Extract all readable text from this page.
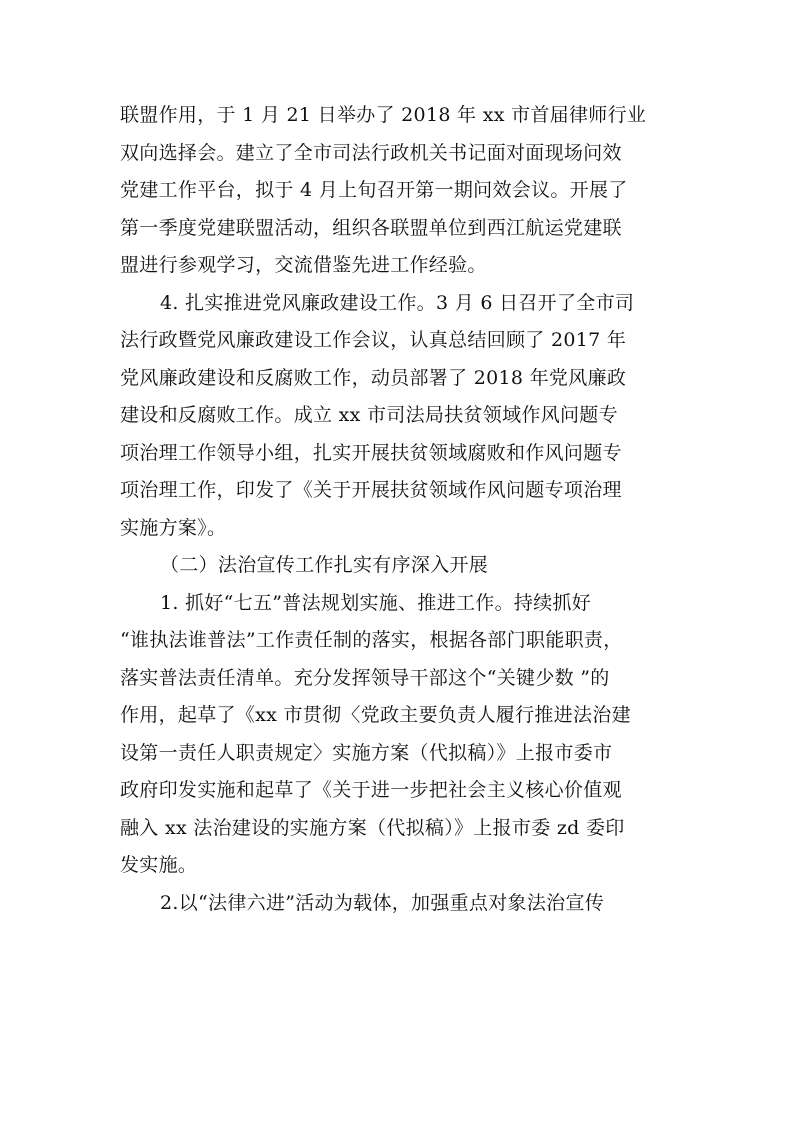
联盟作用，于 1 月 21 日举办了 2018 年 xx 市首届律师行业
双向选择会。建立了全市司法行政机关书记面对面现场问效
党建工作平台，拟于 4 月上旬召开第一期问效会议。开展了
第一季度党建联盟活动，组织各联盟单位到西江航运党建联
盟进行参观学习，交流借鉴先进工作经验。
4. 扎实推进党风廉政建设工作。3 月 6 日召开了全市司
法行政暨党风廉政建设工作会议，认真总结回顾了 2017 年
党风廉政建设和反腐败工作，动员部署了 2018 年党风廉政
建设和反腐败工作。成立 xx 市司法局扶贫领域作风问题专
项治理工作领导小组，扎实开展扶贫领域腐败和作风问题专
项治理工作，印发了《关于开展扶贫领域作风问题专项治理
实施方案》。
（二）法治宣传工作扎实有序深入开展
1. 抓好“七五”普法规划实施、推进工作。持续抓好
“谁执法谁普法”工作责任制的落实，根据各部门职能职责，
落实普法责任清单。充分发挥领导干部这个“关键少数 ”的
作用，起草了《xx 市贯彻〈党政主要负责人履行推进法治建
设第一责任人职责规定〉实施方案（代拟稿）》上报市委市
政府印发实施和起草了《关于进一步把社会主义核心价值观
融入 xx 法治建设的实施方案（代拟稿）》上报市委 zd 委印
发实施。
2.以“法律六进”活动为载体，加强重点对象法治宣传
